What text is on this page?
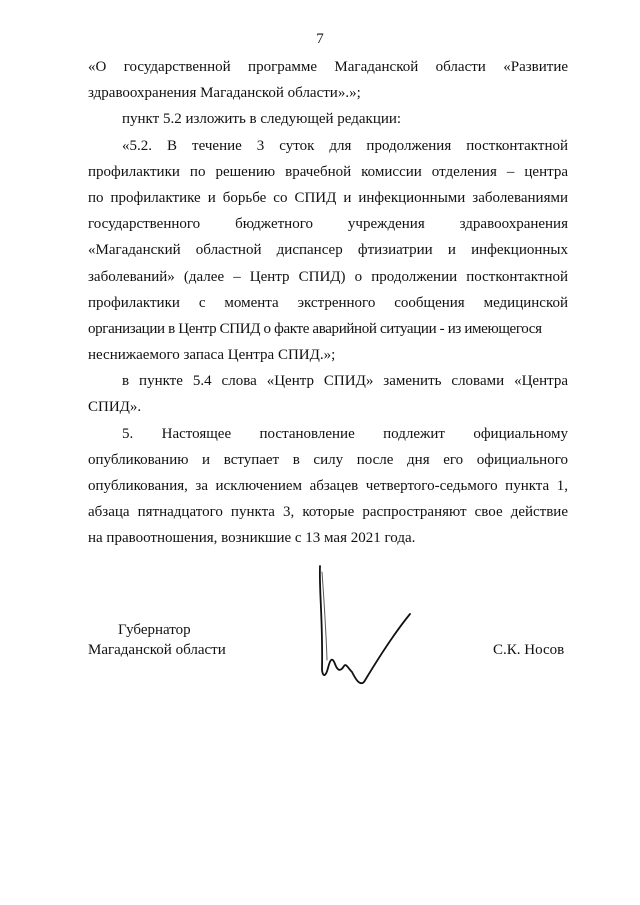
7
«О государственной программе Магаданской области «Развитие
здравоохранения Магаданской области».»;
пункт 5.2 изложить в следующей редакции:
«5.2. В течение 3 суток для продолжения постконтактной
профилактики по решению врачебной комиссии отделения – центра
по профилактике и борьбе со СПИД и инфекционными заболеваниями
государственного бюджетного учреждения здравоохранения
«Магаданский областной диспансер фтизиатрии и инфекционных
заболеваний» (далее – Центр СПИД) о продолжении постконтактной
профилактики с момента экстренного сообщения медицинской
организации в Центр СПИД о факте аварийной ситуации - из имеющегося
неснижаемого запаса Центра СПИД.»;
в пункте 5.4 слова «Центр СПИД» заменить словами «Центра
СПИД».
5. Настоящее постановление подлежит официальному
опубликованию и вступает в силу после дня его официального
опубликования, за исключением абзацев четвертого-седьмого пункта 1,
абзаца пятнадцатого пункта 3, которые распространяют свое действие
на правоотношения, возникшие с 13 мая 2021 года.
Губернатор
Магаданской области	С.К. Носов
